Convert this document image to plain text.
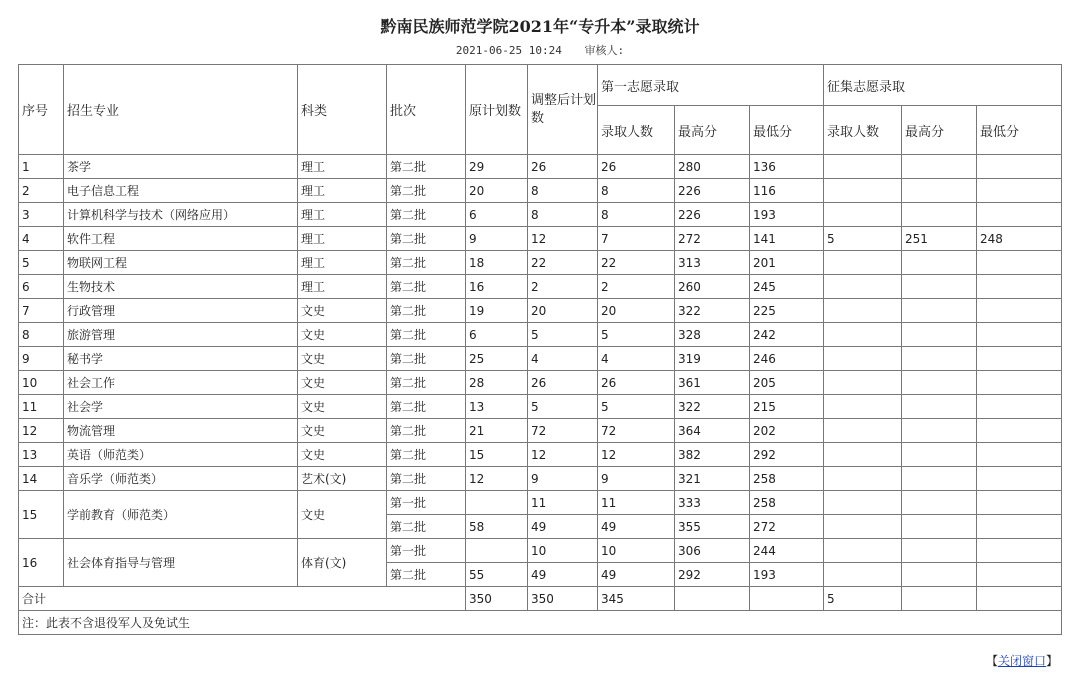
黔南民族师范学院2021年“专升本”录取统计
2021-06-25 10:24 审核人:
序号	招生专业	科类	批次	原计划数	调整后计划数	第一志愿录取			征集志愿录取		
						录取人数	最高分	最低分	录取人数	最高分	最低分
1	茶学	理工	第二批	29	26	26	280	136			
2	电子信息工程	理工	第二批	20	8	8	226	116			
3	计算机科学与技术（网络应用）	理工	第二批	6	8	8	226	193			
4	软件工程	理工	第二批	9	12	7	272	141	5	251	248
5	物联网工程	理工	第二批	18	22	22	313	201			
6	生物技术	理工	第二批	16	2	2	260	245			
7	行政管理	文史	第二批	19	20	20	322	225			
8	旅游管理	文史	第二批	6	5	5	328	242			
9	秘书学	文史	第二批	25	4	4	319	246			
10	社会工作	文史	第二批	28	26	26	361	205			
11	社会学	文史	第二批	13	5	5	322	215			
12	物流管理	文史	第二批	21	72	72	364	202			
13	英语（师范类）	文史	第二批	15	12	12	382	292			
14	音乐学（师范类）	艺术(文)	第二批	12	9	9	321	258			
15	学前教育（师范类）	文史	第一批		11	11	333	258			
			第二批	58	49	49	355	272			
16	社会体育指导与管理	体育(文)	第一批		10	10	306	244			
			第二批	55	49	49	292	193			
合计				350	350	345			5		
注：此表不含退役军人及免试生											
【关闭窗口】
